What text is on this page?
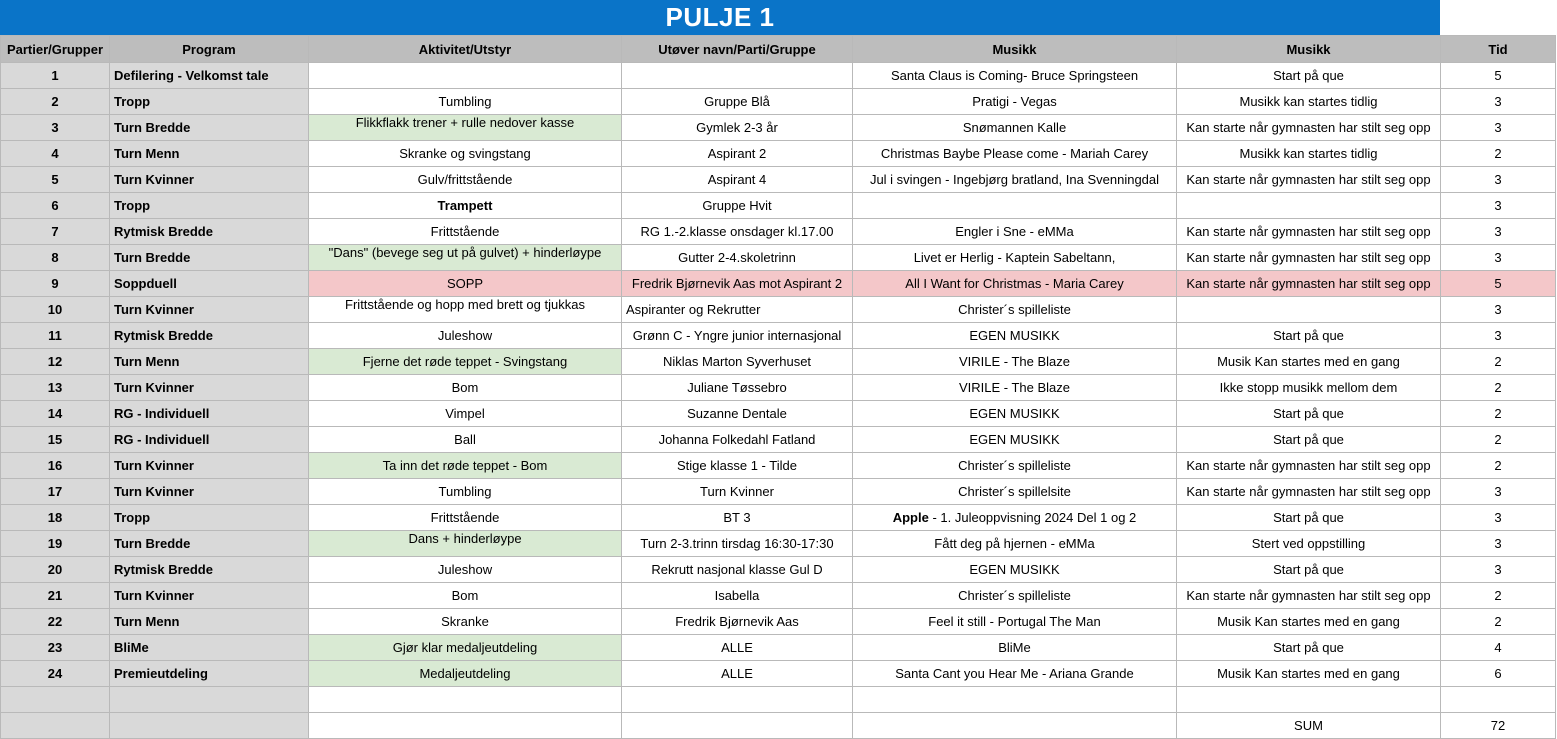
PULJE 1
Partier/Grupper	Program	Aktivitet/Utstyr	Utøver navn/Parti/Gruppe	Musikk	Musikk	Tid
1	Defilering - Velkomst tale			Santa Claus is Coming- Bruce Springsteen	Start på que	5
2	Tropp	Tumbling	Gruppe Blå	Pratigi - Vegas	Musikk kan startes tidlig	3
3	Turn Bredde	Flikkflakk trener + rulle nedover kasse	Gymlek 2-3 år	Snømannen Kalle	Kan starte når gymnasten har stilt seg opp	3
4	Turn Menn	Skranke og svingstang	Aspirant 2	Christmas Baybe Please come - Mariah Carey	Musikk kan startes tidlig	2
5	Turn Kvinner	Gulv/frittstående	Aspirant 4	Jul i svingen - Ingebjørg bratland, Ina Svenningdal	Kan starte når gymnasten har stilt seg opp	3
6	Tropp	Trampett	Gruppe Hvit			3
7	Rytmisk Bredde	Frittstående	RG 1.-2.klasse onsdager kl.17.00	Engler i Sne - eMMa	Kan starte når gymnasten har stilt seg opp	3
8	Turn Bredde	"Dans" (bevege seg ut på gulvet) + hinderløype	Gutter 2-4.skoletrinn	Livet er Herlig - Kaptein Sabeltann,	Kan starte når gymnasten har stilt seg opp	3
9	Soppduell	SOPP	Fredrik Bjørnevik Aas mot Aspirant 2	All I Want for Christmas - Maria Carey	Kan starte når gymnasten har stilt seg opp	5
10	Turn Kvinner	Frittstående og hopp med brett og tjukkas	Aspiranter og Rekrutter	Christer´s spilleliste		3
11	Rytmisk Bredde	Juleshow	Grønn C - Yngre junior internasjonal	EGEN MUSIKK	Start på que	3
12	Turn Menn	Fjerne det røde teppet - Svingstang	Niklas Marton Syverhuset	VIRILE - The Blaze	Musik Kan startes med en gang	2
13	Turn Kvinner	Bom	Juliane Tøssebro	VIRILE - The Blaze	Ikke stopp musikk mellom dem	2
14	RG - Individuell	Vimpel	Suzanne Dentale	EGEN MUSIKK	Start på que	2
15	RG - Individuell	Ball	Johanna Folkedahl Fatland	EGEN MUSIKK	Start på que	2
16	Turn Kvinner	Ta inn det røde teppet - Bom	Stige klasse 1 - Tilde	Christer´s spilleliste	Kan starte når gymnasten har stilt seg opp	2
17	Turn Kvinner	Tumbling	Turn Kvinner	Christer´s spillelsite	Kan starte når gymnasten har stilt seg opp	3
18	Tropp	Frittstående	BT 3	Apple - 1. Juleoppvisning 2024 Del 1 og 2	Start på que	3
19	Turn Bredde	Dans + hinderløype	Turn 2-3.trinn tirsdag 16:30-17:30	Fått deg på hjernen - eMMa	Stert ved oppstilling	3
20	Rytmisk Bredde	Juleshow	Rekrutt nasjonal klasse Gul D	EGEN MUSIKK	Start på que	3
21	Turn Kvinner	Bom	Isabella	Christer´s spilleliste	Kan starte når gymnasten har stilt seg opp	2
22	Turn Menn	Skranke	Fredrik Bjørnevik Aas	Feel it still - Portugal The Man	Musik Kan startes med en gang	2
23	BliMe	Gjør klar medaljeutdeling	ALLE	BliMe	Start på que	4
24	Premieutdeling	Medaljeutdeling	ALLE	Santa Cant you Hear Me - Ariana Grande	Musik Kan startes med en gang	6

					SUM	72
